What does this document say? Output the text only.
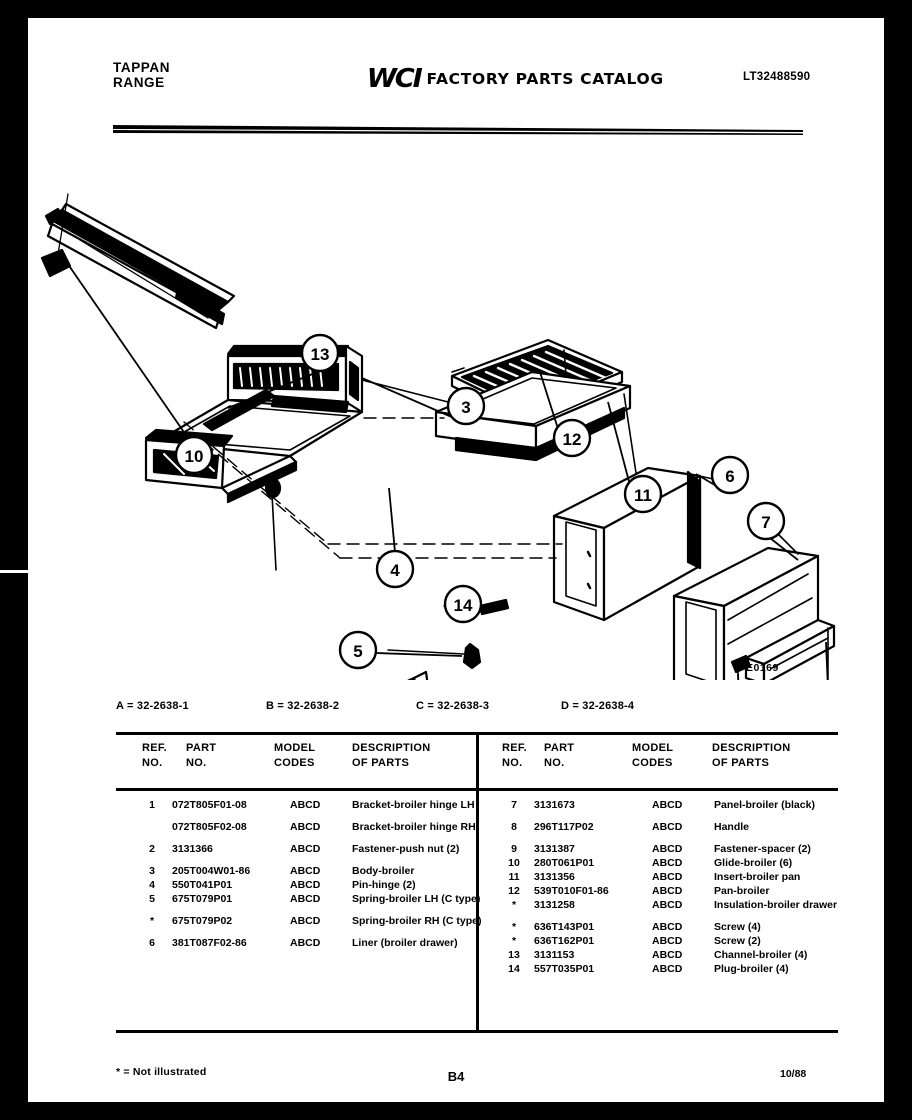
TAPPAN
RANGE	WCI FACTORY PARTS CATALOG	LT32488590
13
10
3
12
11
6
7
4
14
5
E0169
A = 32-2638-1	B = 32-2638-2	C = 32-2638-3	D = 32-2638-4
REF.
NO.
PART
NO.
MODEL
CODES
DESCRIPTION
OF PARTS
REF.
NO.
PART
NO.
MODEL
CODES
DESCRIPTION
OF PARTS
1	072T805F01-08	ABCD	Bracket-broiler hinge LH
072T805F02-08	ABCD	Bracket-broiler hinge RH
2	3131366	ABCD	Fastener-push nut (2)
3	205T004W01-86	ABCD	Body-broiler
4	550T041P01	ABCD	Pin-hinge (2)
5	675T079P01	ABCD	Spring-broiler LH (C type)
*	675T079P02	ABCD	Spring-broiler RH (C type)
6	381T087F02-86	ABCD	Liner (broiler drawer)
7	3131673	ABCD	Panel-broiler (black)
8	296T117P02	ABCD	Handle
9	3131387	ABCD	Fastener-spacer (2)
10	280T061P01	ABCD	Glide-broiler (6)
11	3131356	ABCD	Insert-broiler pan
12	539T010F01-86	ABCD	Pan-broiler
*	3131258	ABCD	Insulation-broiler drawer
*	636T143P01	ABCD	Screw (4)
*	636T162P01	ABCD	Screw (2)
13	3131153	ABCD	Channel-broiler (4)
14	557T035P01	ABCD	Plug-broiler (4)
* = Not illustrated	B4	10/88
